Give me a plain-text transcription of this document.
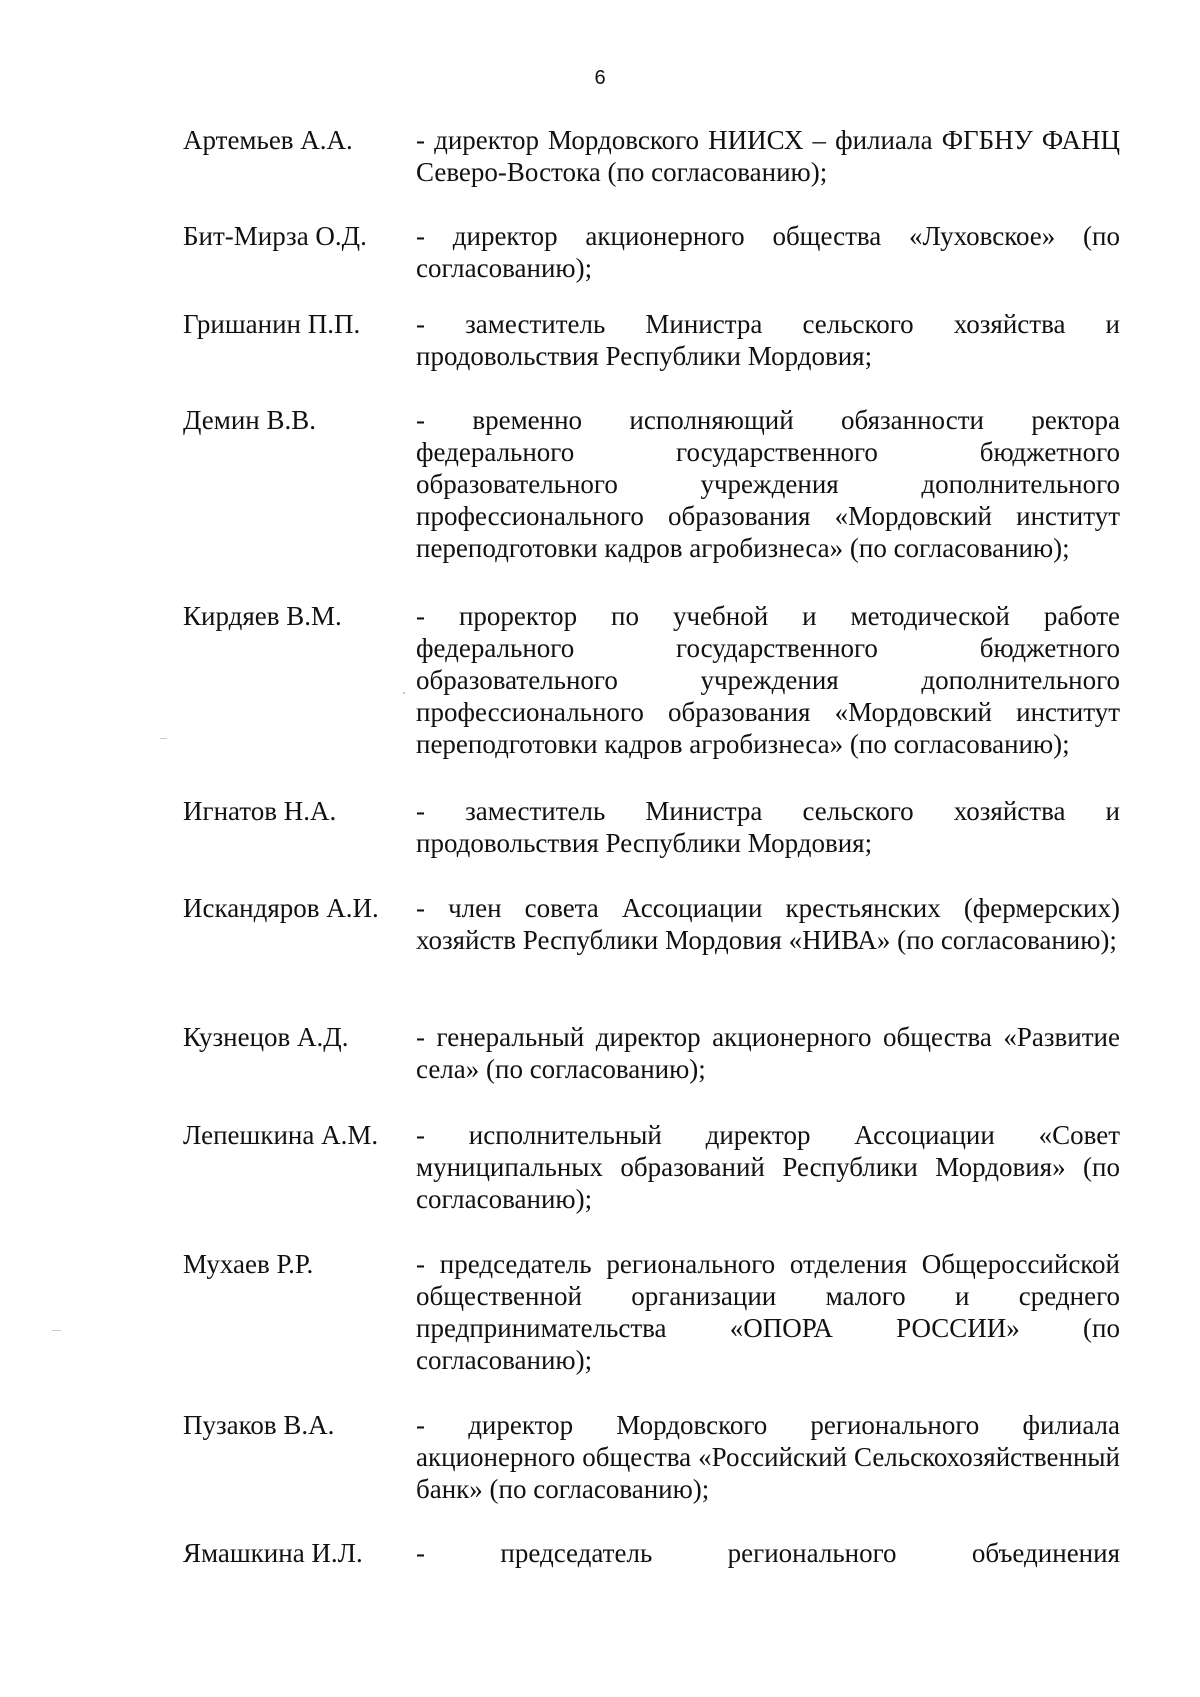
6
Артемьев А.А.	- директор Мордовского НИИСХ – филиала ФГБНУ ФАНЦ Северо-Востока (по согласованию);
Бит-Мирза О.Д.	- директор акционерного общества «Луховское» (по согласованию);
Гришанин П.П.	- заместитель Министра сельского хозяйства и продовольствия Республики Мордовия;
Демин В.В.	- временно исполняющий обязанности ректора федерального государственного бюджетного образовательного учреждения дополнительного профессионального образования «Мордовский институт переподготовки кадров агробизнеса» (по согласованию);
Кирдяев В.М.	- проректор по учебной и методической работе федерального государственного бюджетного образовательного учреждения дополнительного профессионального образования «Мордовский институт переподготовки кадров агробизнеса» (по согласованию);
Игнатов Н.А.	- заместитель Министра сельского хозяйства и продовольствия Республики Мордовия;
Искандяров А.И.	- член совета Ассоциации крестьянских (фермерских) хозяйств Республики Мордовия «НИВА» (по согласованию);
Кузнецов А.Д.	- генеральный директор акционерного общества «Развитие села» (по согласованию);
Лепешкина А.М.	- исполнительный директор Ассоциации «Совет муниципальных образований Республики Мордовия» (по согласованию);
Мухаев Р.Р.	- председатель регионального отделения Общероссийской общественной организации малого и среднего предпринимательства «ОПОРА РОССИИ» (по согласованию);
Пузаков В.А.	- директор Мордовского регионального филиала акционерного общества «Российский Сельскохозяйственный банк» (по согласованию);
Ямашкина И.Л.	- председатель регионального объединения
